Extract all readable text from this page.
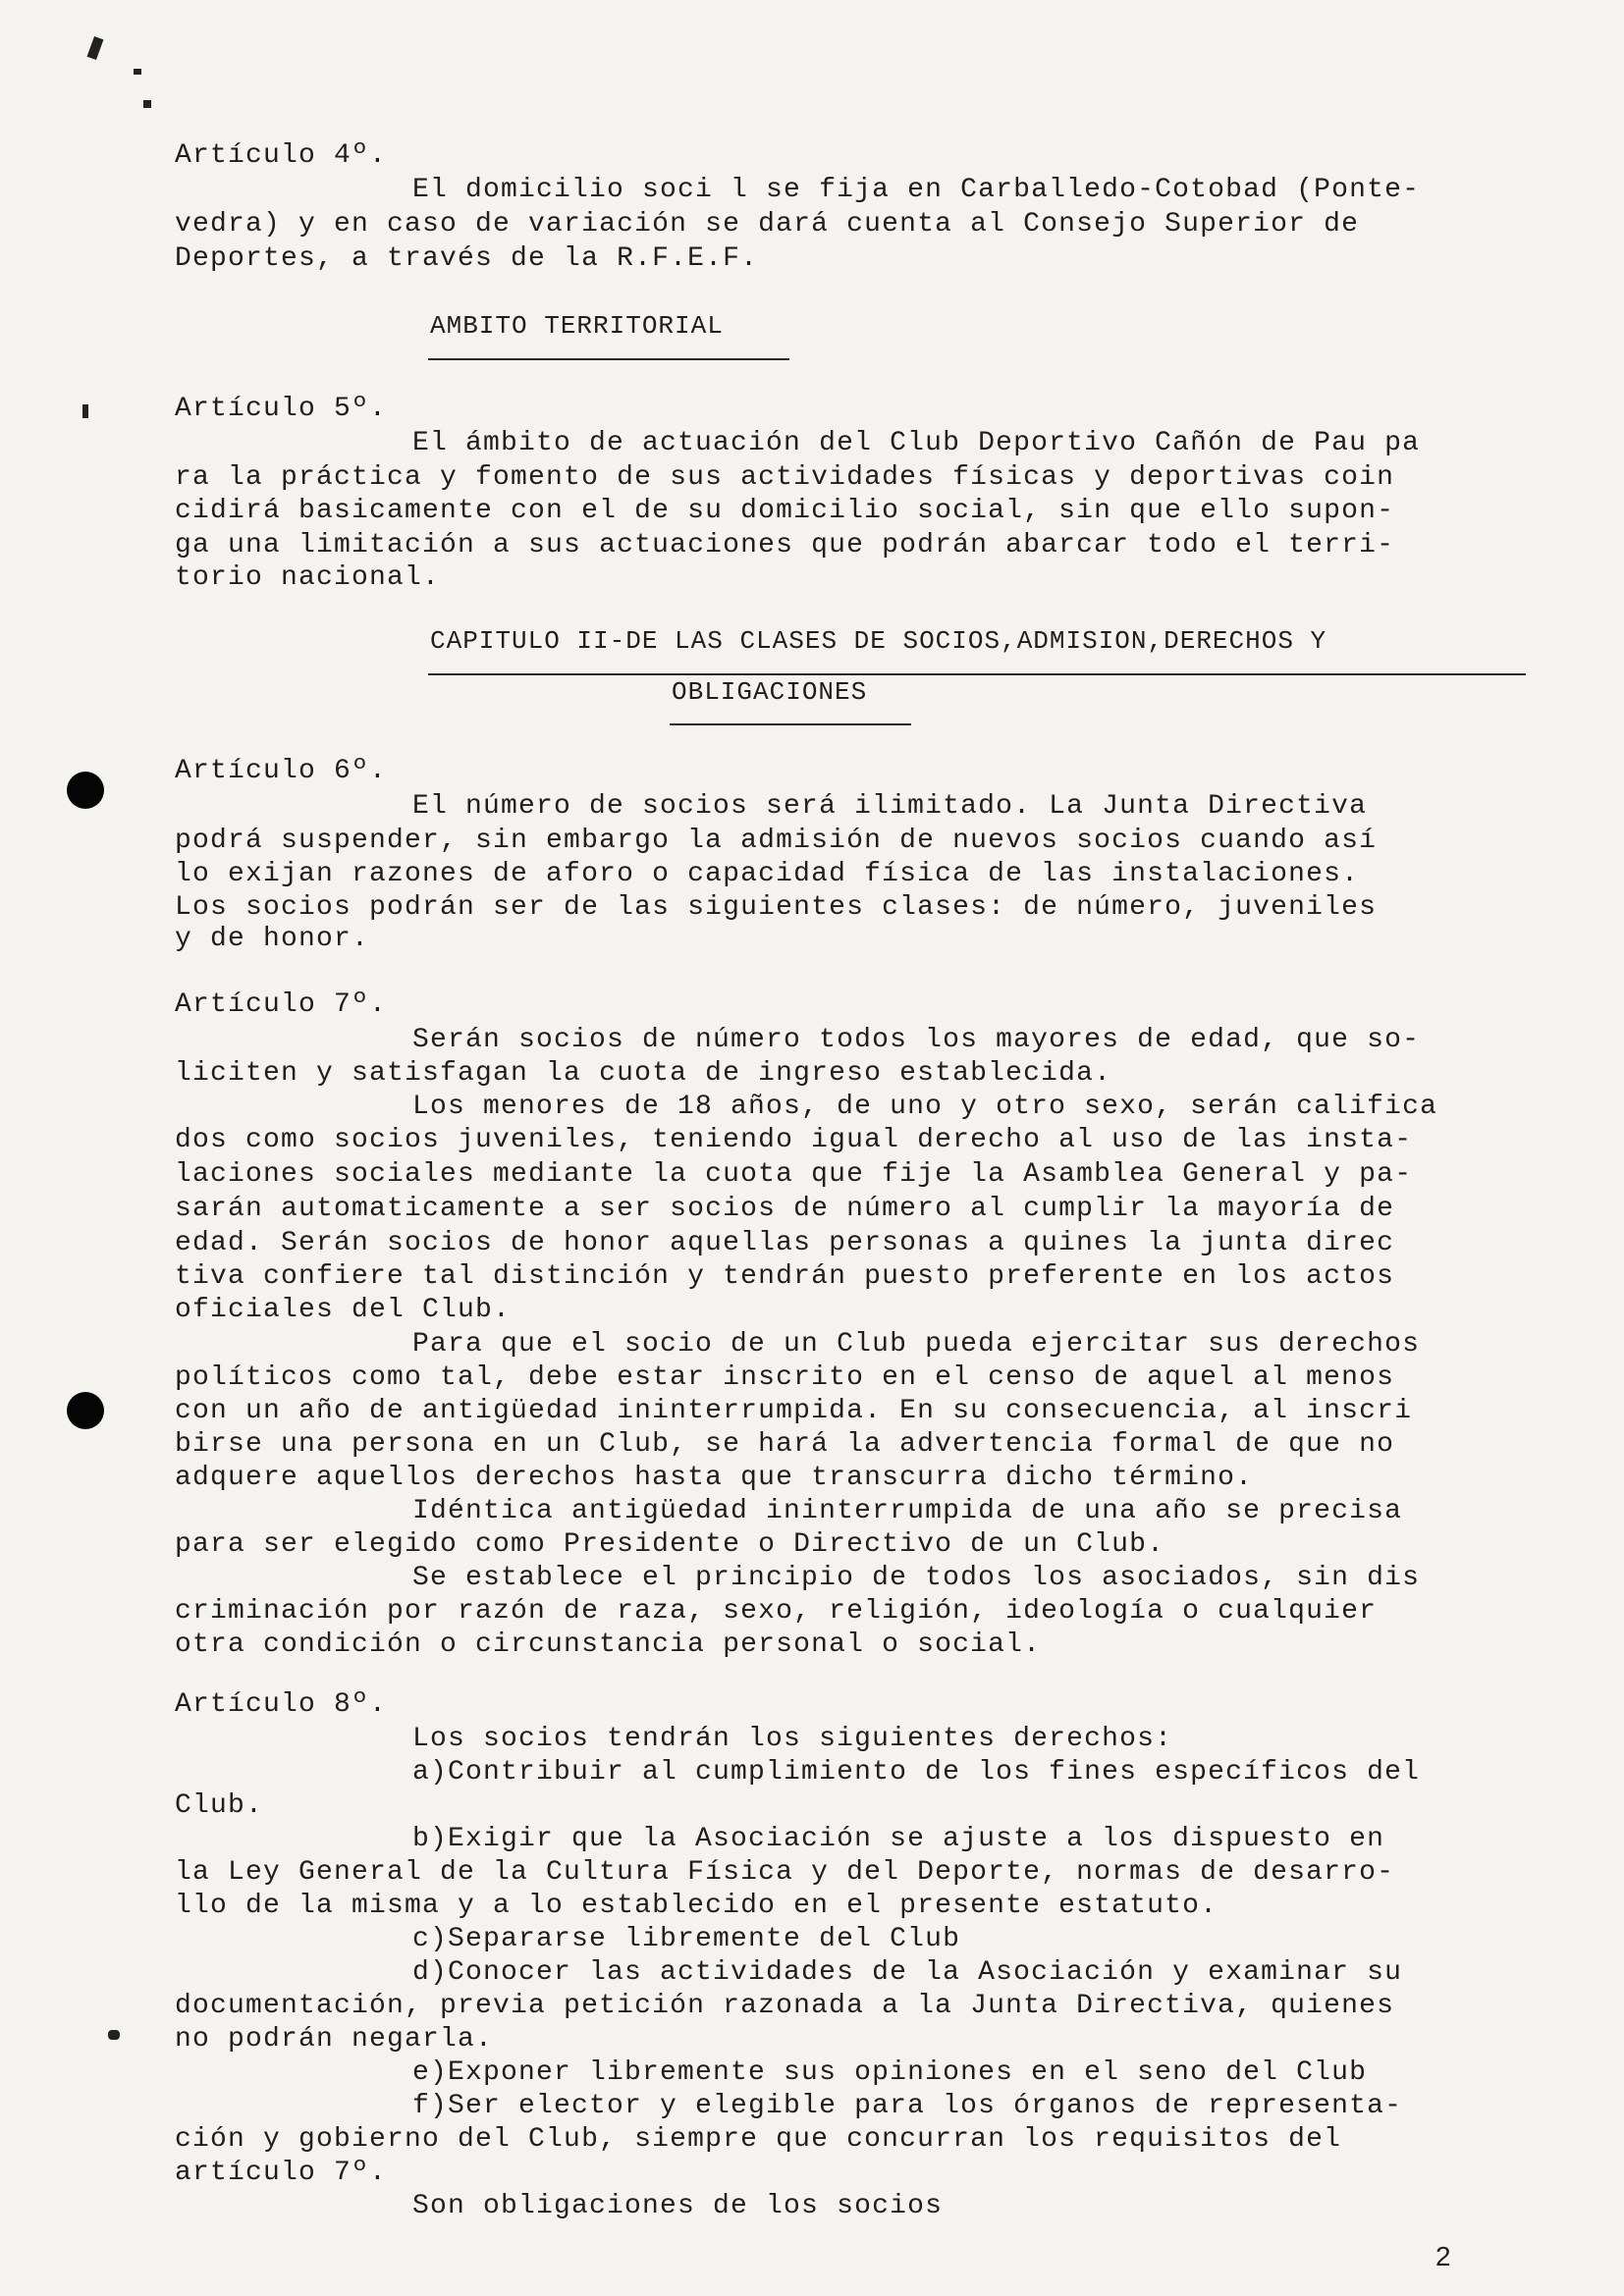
Artículo 4º.
El domicilio soci l se fija en Carballedo-Cotobad (Ponte-
vedra) y en caso de variación se dará cuenta al Consejo Superior de
Deportes, a través de la R.F.E.F.
AMBITO TERRITORIAL
Artículo 5º.
El ámbito de actuación del Club Deportivo Cañón de Pau pa
ra la práctica y fomento de sus actividades físicas y deportivas coin
cidirá basicamente con el de su domicilio social, sin que ello supon-
ga una limitación a sus actuaciones que podrán abarcar todo el terri-
torio nacional.
CAPITULO II-DE LAS CLASES DE SOCIOS,ADMISION,DERECHOS Y
OBLIGACIONES
Artículo 6º.
El número de socios será ilimitado. La Junta Directiva
podrá suspender, sin embargo la admisión de nuevos socios cuando así
lo exijan razones de aforo o capacidad física de las instalaciones.
Los socios podrán ser de las siguientes clases: de número, juveniles
y de honor.
Artículo 7º.
Serán socios de número todos los mayores de edad, que so-
liciten y satisfagan la cuota de ingreso establecida.
Los menores de 18 años, de uno y otro sexo, serán califica
dos como socios juveniles, teniendo igual derecho al uso de las insta-
laciones sociales mediante la cuota que fije la Asamblea General y pa-
sarán automaticamente a ser socios de número al cumplir la mayoría de
edad. Serán socios de honor aquellas personas a quines la junta direc
tiva confiere tal distinción y tendrán puesto preferente en los actos
oficiales del Club.
Para que el socio de un Club pueda ejercitar sus derechos
políticos como tal, debe estar inscrito en el censo de aquel al menos
con un año de antigüedad ininterrumpida. En su consecuencia, al inscri
birse una persona en un Club, se hará la advertencia formal de que no
adquere aquellos derechos hasta que transcurra dicho término.
Idéntica antigüedad ininterrumpida de una año se precisa
para ser elegido como Presidente o Directivo de un Club.
Se establece el principio de todos los asociados, sin dis
criminación por razón de raza, sexo, religión, ideología o cualquier
otra condición o circunstancia personal o social.
Artículo 8º.
Los socios tendrán los siguientes derechos:
a)Contribuir al cumplimiento de los fines específicos del
Club.
b)Exigir que la Asociación se ajuste a los dispuesto en
la Ley General de la Cultura Física y del Deporte, normas de desarro-
llo de la misma y a lo establecido en el presente estatuto.
c)Separarse libremente del Club
d)Conocer las actividades de la Asociación y examinar su
documentación, previa petición razonada a la Junta Directiva, quienes
no podrán negarla.
e)Exponer libremente sus opiniones en el seno del Club
f)Ser elector y elegible para los órganos de representa-
ción y gobierno del Club, siempre que concurran los requisitos del
artículo 7º.
Son obligaciones de los socios
2
